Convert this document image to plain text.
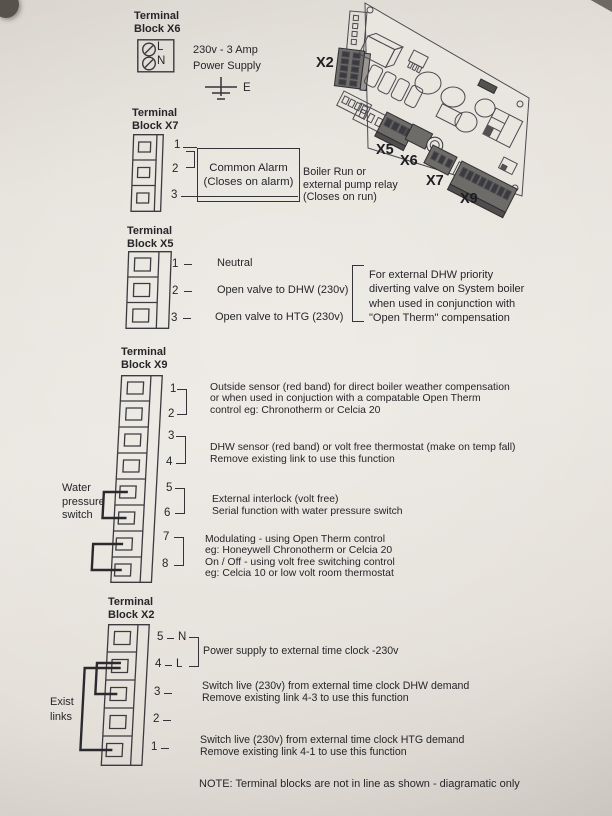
X2
X5
X6
X7
X9
Terminal
Block X6
L
N
230v - 3 Amp
Power Supply
E
Terminal
Block X7
1
2
3
Common Alarm
(Closes on alarm)
Boiler Run or
external pump relay
(Closes on run)
Terminal
Block X5
1
2
3
Neutral
Open valve to DHW (230v)
Open valve to HTG (230v)
For external DHW priority
diverting valve on System boiler
when used in conjunction with
"Open Therm" compensation
Terminal
Block X9
1
2
3
4
5
6
7
8
Outside sensor (red band) for direct boiler weather compensation
or when used in conjuction with a compatable Open Therm
control eg: Chronotherm or Celcia 20
DHW sensor (red band) or volt free thermostat (make on temp fall)
Remove existing link to use this function
External interlock (volt free)
Serial function with water pressure switch
Modulating - using Open Therm control
eg: Honeywell Chronotherm or Celcia 20
On / Off - using volt free switching control
eg: Celcia 10 or low volt room thermostat
Water
pressure
switch
Terminal
Block X2
5 N
4 L
3
2
1
Power supply to external time clock -230v
Switch live (230v) from external time clock DHW demand
Remove existing link 4-3 to use this function
Switch live (230v) from external time clock HTG demand
Remove existing link 4-1 to use this function
Exist
links
NOTE: Terminal blocks are not in line as shown - diagramatic only
